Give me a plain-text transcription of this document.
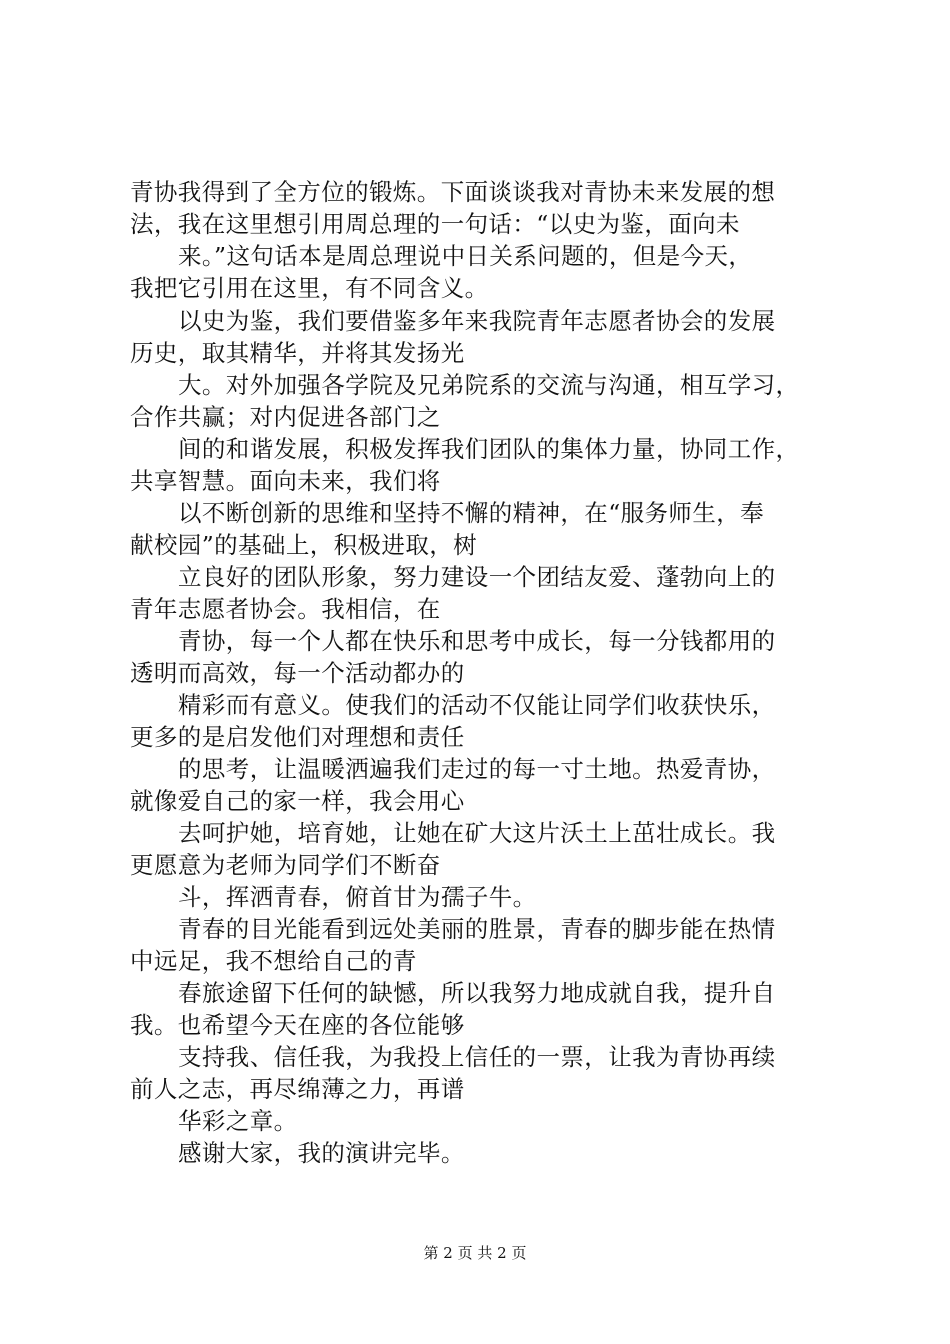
青协我得到了全方位的锻炼。下面谈谈我对青协未来发展的想
法，我在这里想引用周总理的一句话：“以史为鉴，面向未
来。”这句话本是周总理说中日关系问题的，但是今天，
我把它引用在这里，有不同含义。
以史为鉴，我们要借鉴多年来我院青年志愿者协会的发展
历史，取其精华，并将其发扬光
大。对外加强各学院及兄弟院系的交流与沟通，相互学习，
合作共赢；对内促进各部门之
间的和谐发展，积极发挥我们团队的集体力量，协同工作，
共享智慧。面向未来，我们将
以不断创新的思维和坚持不懈的精神，在“服务师生，奉
献校园”的基础上，积极进取，树
立良好的团队形象，努力建设一个团结友爱、蓬勃向上的
青年志愿者协会。我相信，在
青协，每一个人都在快乐和思考中成长，每一分钱都用的
透明而高效，每一个活动都办的
精彩而有意义。使我们的活动不仅能让同学们收获快乐，
更多的是启发他们对理想和责任
的思考，让温暖洒遍我们走过的每一寸土地。热爱青协，
就像爱自己的家一样，我会用心
去呵护她，培育她，让她在矿大这片沃土上茁壮成长。我
更愿意为老师为同学们不断奋
斗，挥洒青春，俯首甘为孺子牛。
青春的目光能看到远处美丽的胜景，青春的脚步能在热情
中远足，我不想给自己的青
春旅途留下任何的缺憾，所以我努力地成就自我，提升自
我。也希望今天在座的各位能够
支持我、信任我，为我投上信任的一票，让我为青协再续
前人之志，再尽绵薄之力，再谱
华彩之章。
感谢大家，我的演讲完毕。
第 2 页 共 2 页
